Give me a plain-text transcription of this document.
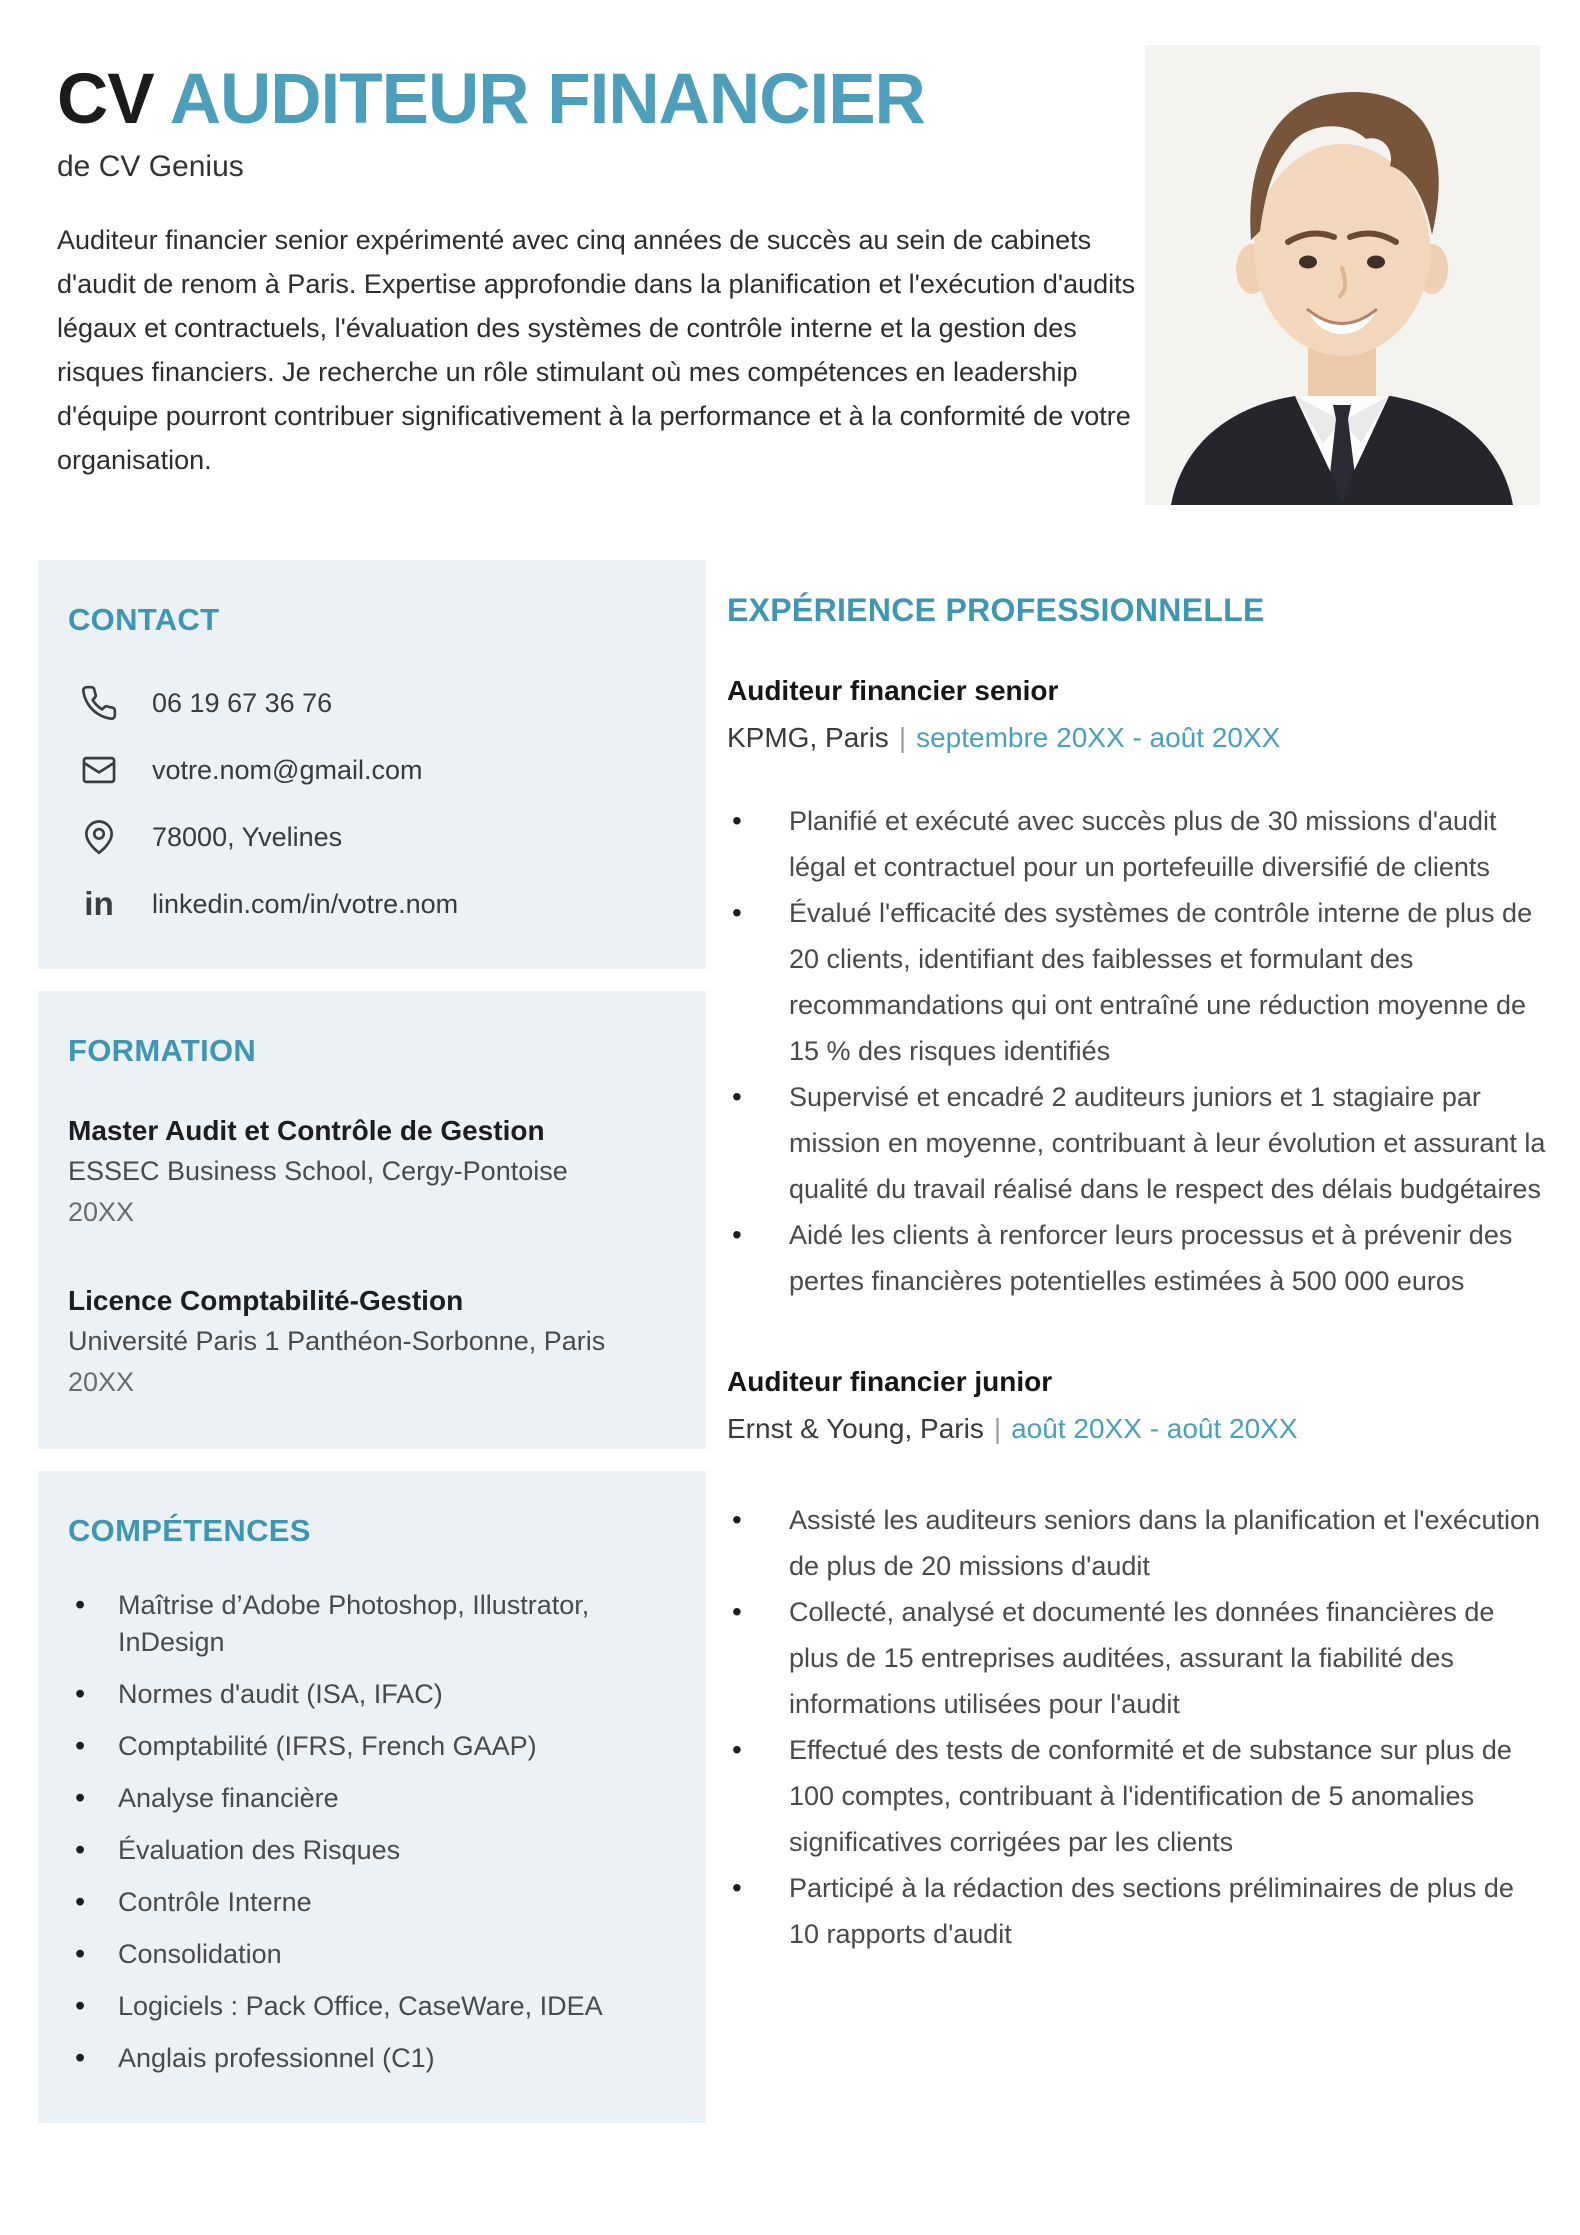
CV AUDITEUR FINANCIER
de CV Genius

Auditeur financier senior expérimenté avec cinq années de succès au sein de cabinets d'audit de renom à Paris. Expertise approfondie dans la planification et l'exécution d'audits légaux et contractuels, l'évaluation des systèmes de contrôle interne et la gestion des risques financiers. Je recherche un rôle stimulant où mes compétences en leadership d'équipe pourront contribuer significativement à la performance et à la conformité de votre organisation.

CONTACT
06 19 67 36 76
votre.nom@gmail.com
78000, Yvelines
in linkedin.com/in/votre.nom
FORMATION
Master Audit et Contrôle de Gestion
ESSEC Business School, Cergy-Pontoise
20XX
Licence Comptabilité-Gestion
Université Paris 1 Panthéon-Sorbonne, Paris
20XX
COMPÉTENCES
• Maîtrise d’Adobe Photoshop, Illustrator, InDesign
• Normes d'audit (ISA, IFAC)
• Comptabilité (IFRS, French GAAP)
• Analyse financière
• Évaluation des Risques
• Contrôle Interne
• Consolidation
• Logiciels : Pack Office, CaseWare, IDEA
• Anglais professionnel (C1)
EXPÉRIENCE PROFESSIONNELLE
Auditeur financier senior
KPMG, Paris | septembre 20XX - août 20XX
• Planifié et exécuté avec succès plus de 30 missions d'audit légal et contractuel pour un portefeuille diversifié de clients
• Évalué l'efficacité des systèmes de contrôle interne de plus de 20 clients, identifiant des faiblesses et formulant des recommandations qui ont entraîné une réduction moyenne de 15 % des risques identifiés
• Supervisé et encadré 2 auditeurs juniors et 1 stagiaire par mission en moyenne, contribuant à leur évolution et assurant la qualité du travail réalisé dans le respect des délais budgétaires
• Aidé les clients à renforcer leurs processus et à prévenir des pertes financières potentielles estimées à 500 000 euros
Auditeur financier junior
Ernst & Young, Paris | août 20XX - août 20XX
• Assisté les auditeurs seniors dans la planification et l'exécution de plus de 20 missions d'audit
• Collecté, analysé et documenté les données financières de plus de 15 entreprises auditées, assurant la fiabilité des informations utilisées pour l'audit
• Effectué des tests de conformité et de substance sur plus de 100 comptes, contribuant à l'identification de 5 anomalies significatives corrigées par les clients
• Participé à la rédaction des sections préliminaires de plus de 10 rapports d'audit
